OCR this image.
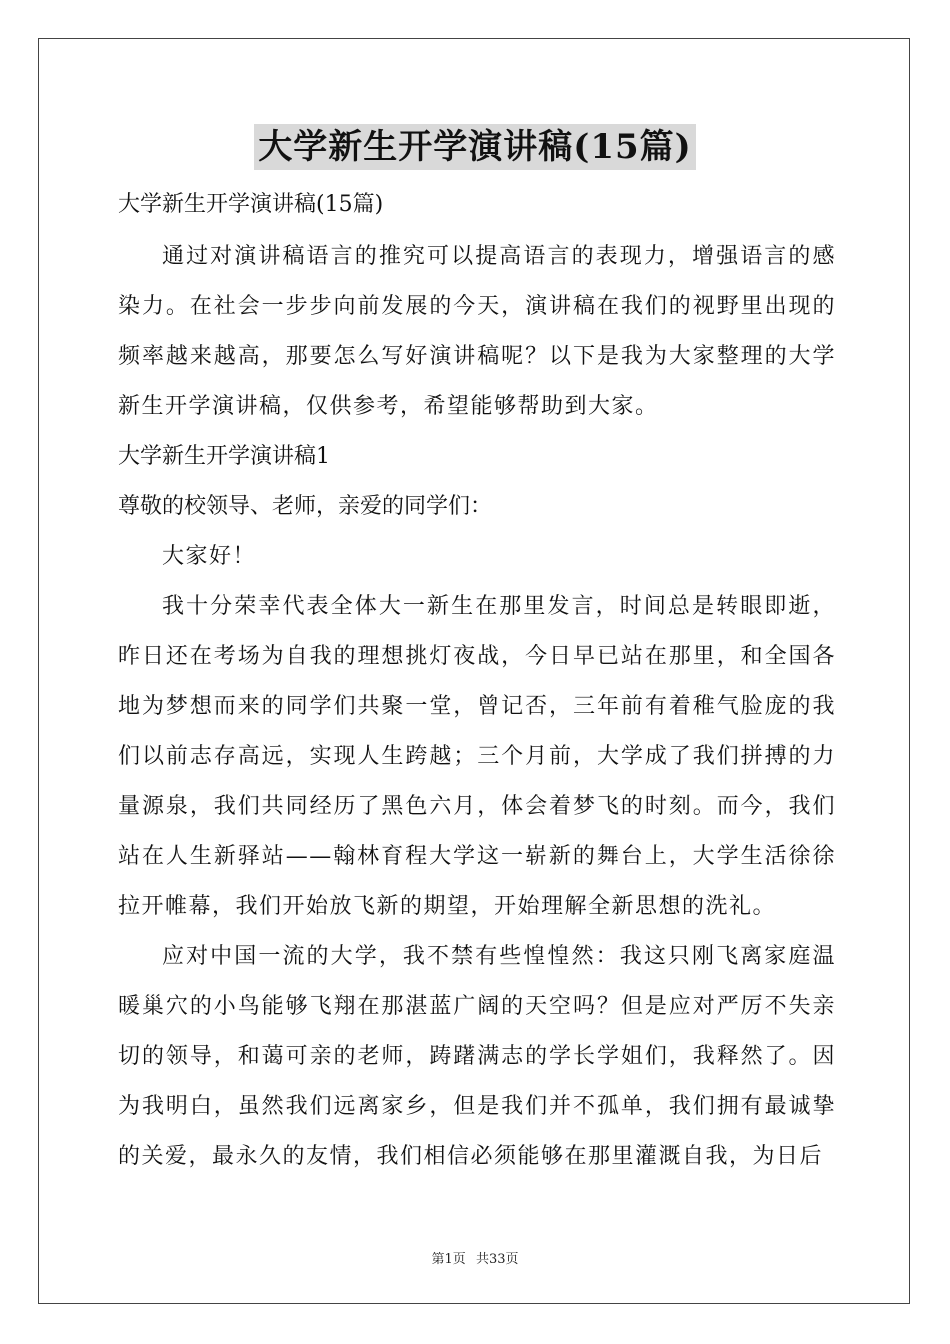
大学新生开学演讲稿(15篇)

大学新生开学演讲稿(15篇)

通过对演讲稿语言的推究可以提高语言的表现力，增强语言的感染力。在社会一步步向前发展的今天，演讲稿在我们的视野里出现的频率越来越高，那要怎么写好演讲稿呢？以下是我为大家整理的大学新生开学演讲稿，仅供参考，希望能够帮助到大家。

大学新生开学演讲稿1

尊敬的校领导、老师，亲爱的同学们：

大家好！

我十分荣幸代表全体大一新生在那里发言，时间总是转眼即逝，昨日还在考场为自我的理想挑灯夜战，今日早已站在那里，和全国各地为梦想而来的同学们共聚一堂，曾记否，三年前有着稚气脸庞的我们以前志存高远，实现人生跨越；三个月前，大学成了我们拼搏的力量源泉，我们共同经历了黑色六月，体会着梦飞的时刻。而今，我们站在人生新驿站——翰林育程大学这一崭新的舞台上，大学生活徐徐拉开帷幕，我们开始放飞新的期望，开始理解全新思想的洗礼。

应对中国一流的大学，我不禁有些惶惶然：我这只刚飞离家庭温暖巢穴的小鸟能够飞翔在那湛蓝广阔的天空吗？但是应对严厉不失亲切的领导，和蔼可亲的老师，踌躇满志的学长学姐们，我释然了。因为我明白，虽然我们远离家乡，但是我们并不孤单，我们拥有最诚挚的关爱，最永久的友情，我们相信必须能够在那里灌溉自我，为日后

第1页 共33页
